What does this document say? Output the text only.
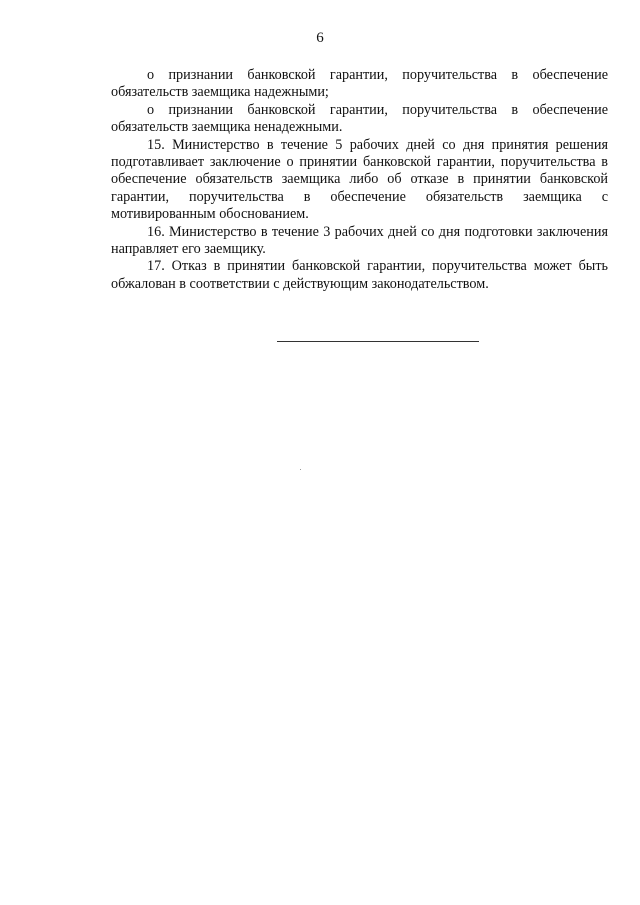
6

о признании банковской гарантии, поручительства в обеспечение обязательств заемщика надежными;

о признании банковской гарантии, поручительства в обеспечение обязательств заемщика ненадежными.

15. Министерство в течение 5 рабочих дней со дня принятия решения подготавливает заключение о принятии банковской гарантии, поручительства в обеспечение обязательств заемщика либо об отказе в принятии банковской гарантии, поручительства в обеспечение обязательств заемщика с мотивированным обоснованием.

16. Министерство в течение 3 рабочих дней со дня подготовки заключения направляет его заемщику.

17. Отказ в принятии банковской гарантии, поручительства может быть обжалован в соответствии с действующим законодательством.
